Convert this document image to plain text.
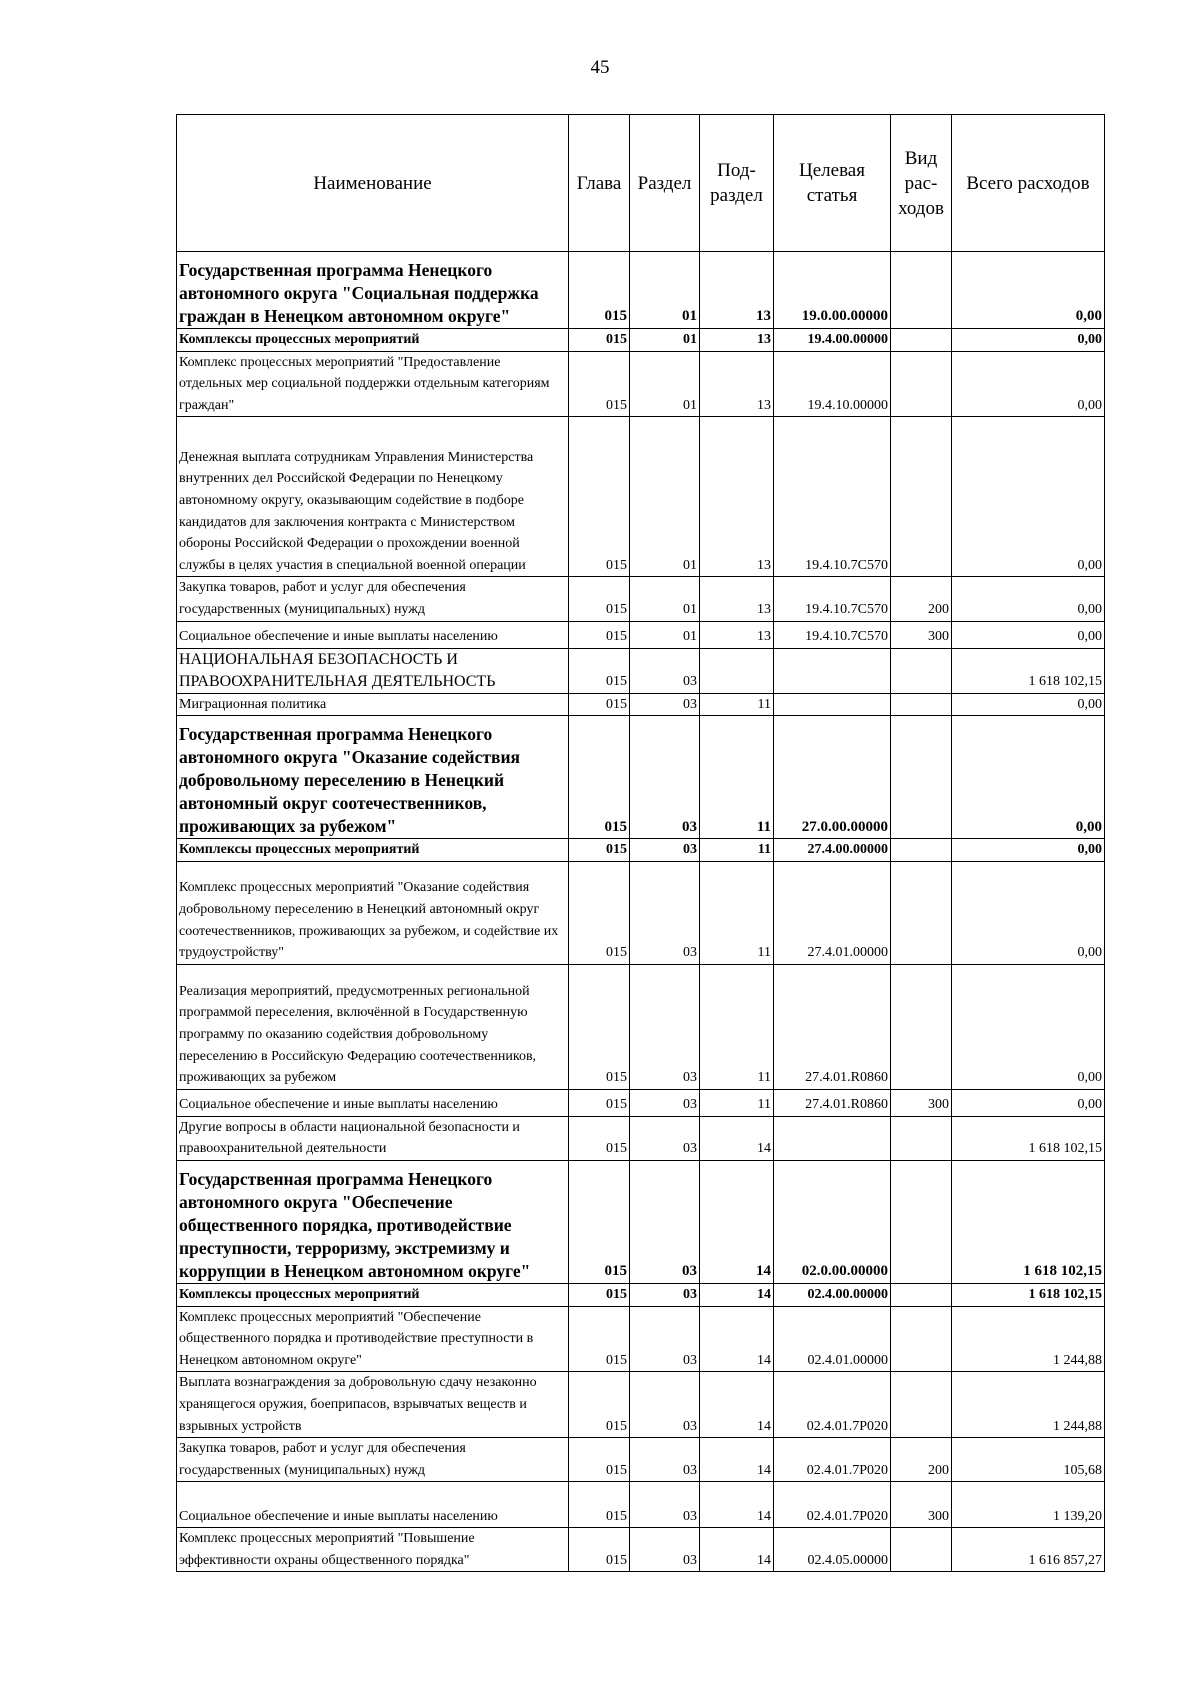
45
Наименование	Глава	Раздел	Под-раздел	Целевая статья	Вид рас-ходов	Всего расходов
Государственная программа Ненецкого автономного округа "Социальная поддержка граждан в Ненецком автономном округе"	015	01	13	19.0.00.00000		0,00
Комплексы процессных мероприятий	015	01	13	19.4.00.00000		0,00
Комплекс процессных мероприятий "Предоставление отдельных мер социальной поддержки отдельным категориям граждан"	015	01	13	19.4.10.00000		0,00
Денежная выплата сотрудникам Управления Министерства внутренних дел Российской Федерации по Ненецкому автономному округу, оказывающим содействие в подборе кандидатов для заключения контракта с Министерством обороны Российской Федерации о прохождении военной службы в целях участия в специальной военной операции	015	01	13	19.4.10.7C570		0,00
Закупка товаров, работ и услуг для обеспечения государственных (муниципальных) нужд	015	01	13	19.4.10.7C570	200	0,00
Социальное обеспечение и иные выплаты населению	015	01	13	19.4.10.7C570	300	0,00
НАЦИОНАЛЬНАЯ БЕЗОПАСНОСТЬ И ПРАВООХРАНИТЕЛЬНАЯ ДЕЯТЕЛЬНОСТЬ	015	03				1 618 102,15
Миграционная политика	015	03	11			0,00
Государственная программа Ненецкого автономного округа "Оказание содействия добровольному переселению в Ненецкий автономный округ соотечественников, проживающих за рубежом"	015	03	11	27.0.00.00000		0,00
Комплексы процессных мероприятий	015	03	11	27.4.00.00000		0,00
Комплекс процессных мероприятий "Оказание содействия добровольному переселению в Ненецкий автономный округ соотечественников, проживающих за рубежом, и содействие их трудоустройству"	015	03	11	27.4.01.00000		0,00
Реализация мероприятий, предусмотренных региональной программой переселения, включённой в Государственную программу по оказанию содействия добровольному переселению в Российскую Федерацию соотечественников, проживающих за рубежом	015	03	11	27.4.01.R0860		0,00
Социальное обеспечение и иные выплаты населению	015	03	11	27.4.01.R0860	300	0,00
Другие вопросы в области национальной безопасности и правоохранительной деятельности	015	03	14			1 618 102,15
Государственная программа Ненецкого автономного округа "Обеспечение общественного порядка, противодействие преступности, терроризму, экстремизму и коррупции в Ненецком автономном округе"	015	03	14	02.0.00.00000		1 618 102,15
Комплексы процессных мероприятий	015	03	14	02.4.00.00000		1 618 102,15
Комплекс процессных мероприятий "Обеспечение общественного порядка и противодействие преступности в Ненецком автономном округе"	015	03	14	02.4.01.00000		1 244,88
Выплата вознаграждения за добровольную сдачу незаконно хранящегося оружия, боеприпасов, взрывчатых веществ и взрывных устройств	015	03	14	02.4.01.7P020		1 244,88
Закупка товаров, работ и услуг для обеспечения государственных (муниципальных) нужд	015	03	14	02.4.01.7P020	200	105,68
Социальное обеспечение и иные выплаты населению	015	03	14	02.4.01.7P020	300	1 139,20
Комплекс процессных мероприятий "Повышение эффективности охраны общественного порядка"	015	03	14	02.4.05.00000		1 616 857,27
